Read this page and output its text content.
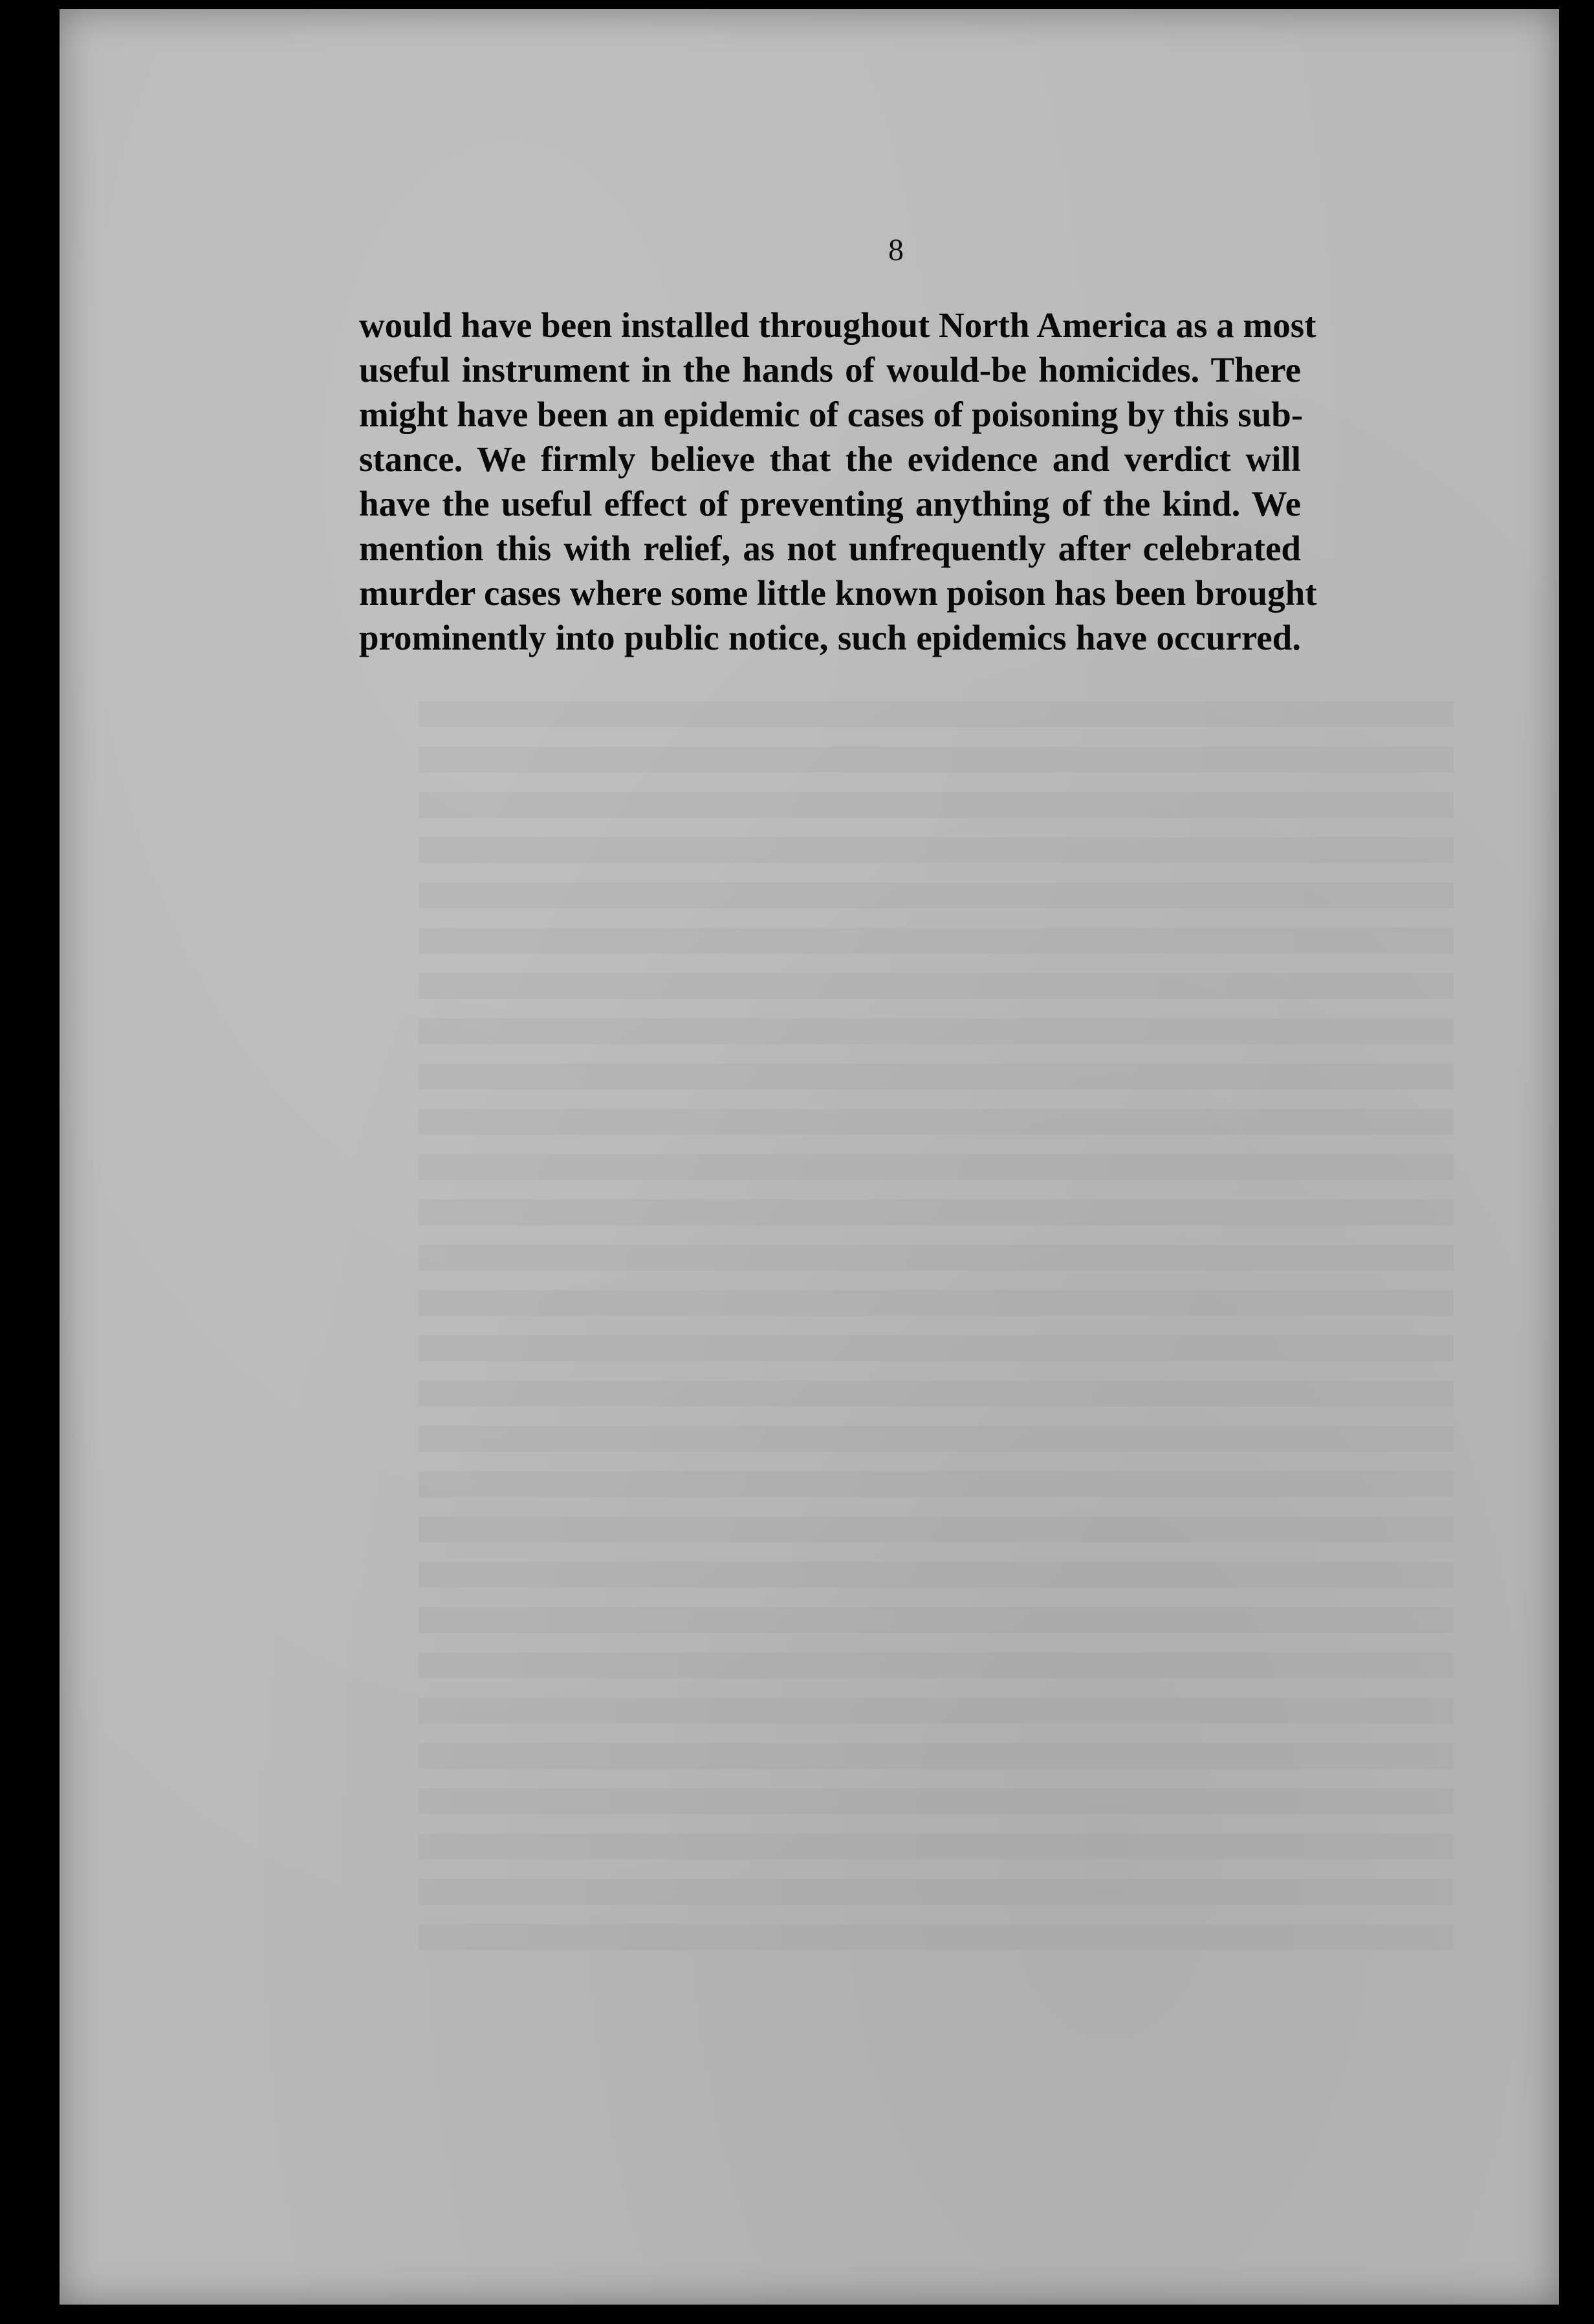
8
would have been installed throughout North America as a most
useful instrument in the hands of would-be homicides. There
might have been an epidemic of cases of poisoning by this sub-
stance. We firmly believe that the evidence and verdict will
have the useful effect of preventing anything of the kind. We
mention this with relief, as not unfrequently after celebrated
murder cases where some little known poison has been brought
prominently into public notice, such epidemics have occurred.
